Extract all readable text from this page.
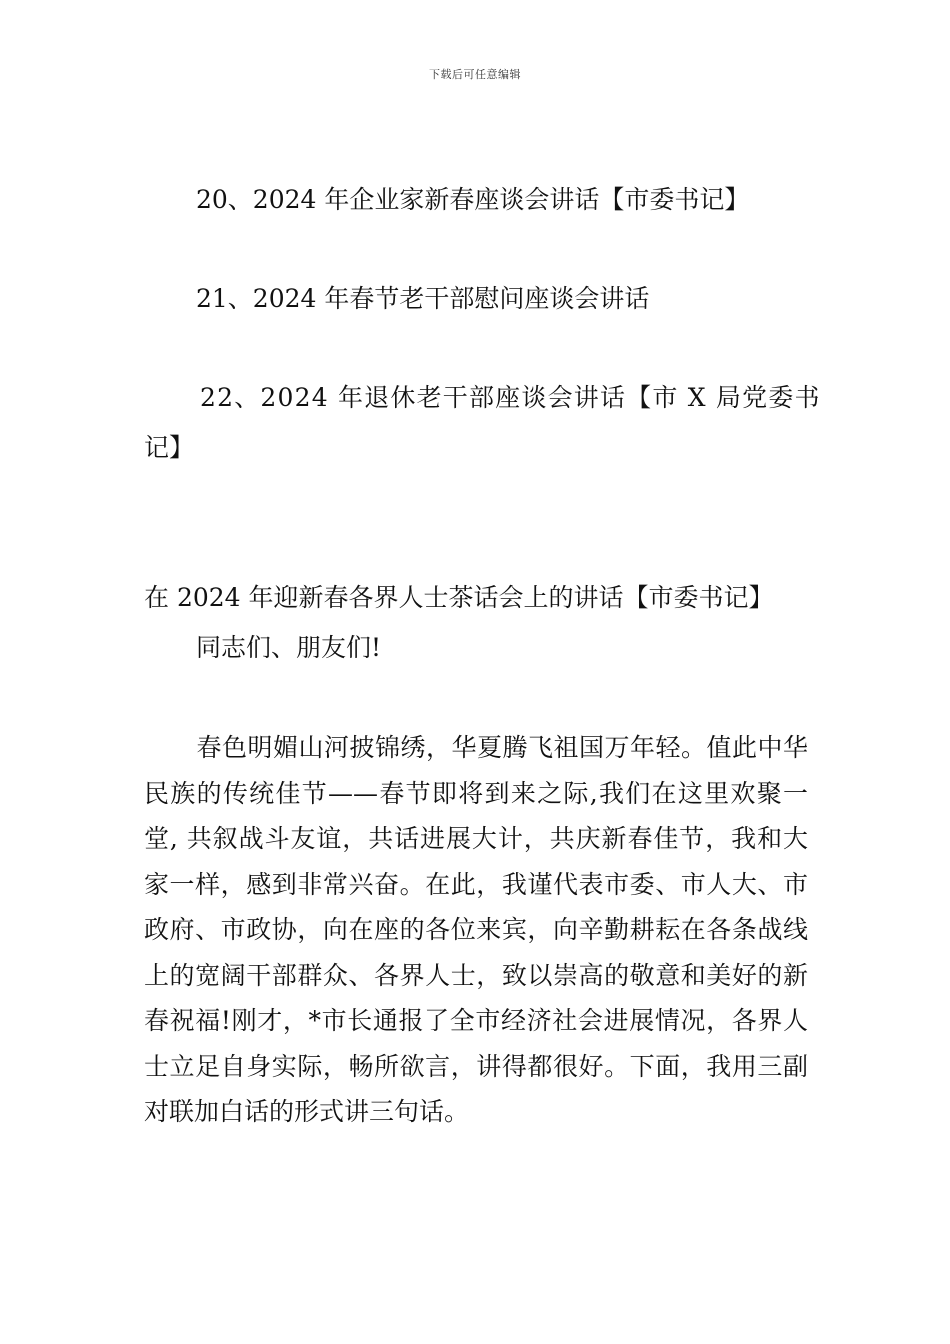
下载后可任意编辑
20、2024 年企业家新春座谈会讲话【市委书记】
21、2024 年春节老干部慰问座谈会讲话
22、2024 年退休老干部座谈会讲话【市 X 局党委书
记】
在 2024 年迎新春各界人士茶话会上的讲话【市委书记】
同志们、朋友们!
春色明媚山河披锦绣，华夏腾飞祖国万年轻。值此中华民族的传统佳节——春节即将到来之际,我们在这里欢聚一堂, 共叙战斗友谊，共话进展大计，共庆新春佳节，我和大家一样，感到非常兴奋。在此，我谨代表市委、市人大、市政府、市政协，向在座的各位来宾，向辛勤耕耘在各条战线上的宽阔干部群众、各界人士，致以崇高的敬意和美好的新春祝福!刚才，*市长通报了全市经济社会进展情况，各界人士立足自身实际，畅所欲言，讲得都很好。下面，我用三副对联加白话的形式讲三句话。
